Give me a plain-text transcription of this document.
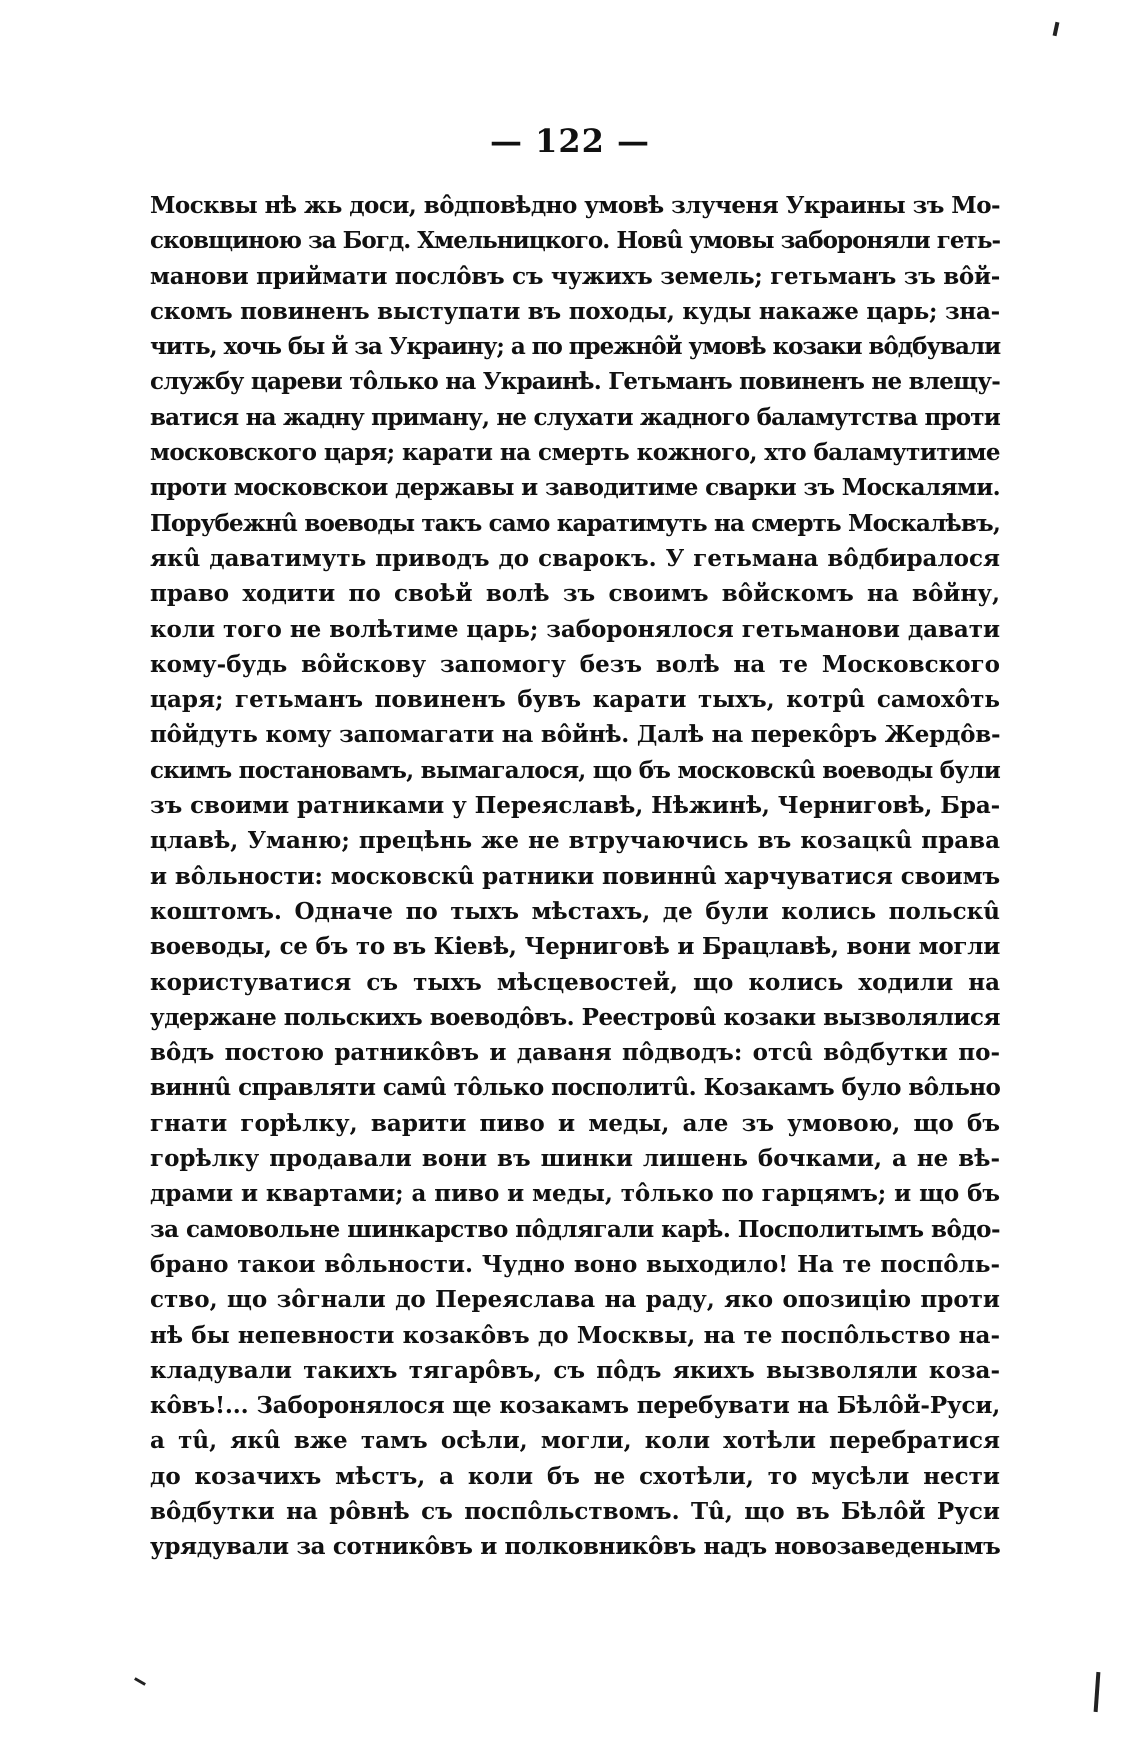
— 122 —
Москвы нѣ жь доси, вôдповѣдно умовѣ злученя Украины зъ Мо-
сковщиною за Богд. Хмельницкого. Новû умовы забороняли геть-
манови приймати послôвъ съ чужихъ земель; гетьманъ зъ вôй-
скомъ повиненъ выступати въ походы, куды накаже царь; зна-
чить, хочь бы й за Украину; а по прежнôй умовѣ козаки вôдбували
службу цареви тôлько на Украинѣ. Гетьманъ повиненъ не влещу-
ватися на жадну приману, не слухати жадного баламутства проти
московского царя; карати на смерть кожного, хто баламутитиме
проти московскои державы и заводитиме сварки зъ Москалями.
Порубежнû воеводы такъ само каратимуть на смерть Москалѣвъ,
якû даватимуть приводъ до сварокъ. У гетьмана вôдбиралося
право ходити по своѣй волѣ зъ своимъ вôйскомъ на вôйну,
коли того не волѣтиме царь; заборонялося гетьманови давати
кому-будь вôйскову запомогу безъ волѣ на те Московского
царя; гетьманъ повиненъ бувъ карати тыхъ, котрû самохôть
пôйдуть кому запомагати на вôйнѣ. Далѣ на перекôръ Жердôв-
скимъ постановамъ, вымагалося, що бъ московскû воеводы були
зъ своими ратниками у Переяславѣ, Нѣжинѣ, Черниговѣ, Бра-
цлавѣ, Уманю; прецѣнь же не втручаючись въ козацкû права
и вôльности: московскû ратники повиннû харчуватися своимъ
коштомъ. Одначе по тыхъ мѣстахъ, де були колись польскû
воеводы, се бъ то въ Кіевѣ, Черниговѣ и Брацлавѣ, вони могли
користуватися съ тыхъ мѣсцевостей, що колись ходили на
удержане польскихъ воеводôвъ. Реестровû козаки вызволялися
вôдъ постою ратникôвъ и даваня пôдводъ: отсû вôдбутки по-
виннû справляти самû тôлько посполитû. Козакамъ було вôльно
гнати горѣлку, варити пиво и меды, але зъ умовою, що бъ
горѣлку продавали вони въ шинки лишень бочками, а не вѣ-
драми и квартами; а пиво и меды, тôлько по гарцямъ; и що бъ
за самовольне шинкарство пôдлягали карѣ. Посполитымъ вôдо-
брано такои вôльности. Чудно воно выходило! На те поспôль-
ство, що зôгнали до Переяслава на раду, яко опозицію проти
нѣ бы непевности козакôвъ до Москвы, на те поспôльство на-
кладували такихъ тягарôвъ, съ пôдъ якихъ вызволяли коза-
кôвъ!... Заборонялося ще козакамъ перебувати на Бѣлôй-Руси,
а тû, якû вже тамъ осѣли, могли, коли хотѣли перебратися
до козачихъ мѣстъ, а коли бъ не схотѣли, то мусѣли нести
вôдбутки на рôвнѣ съ поспôльствомъ. Тû, що въ Бѣлôй Руси
урядували за сотникôвъ и полковникôвъ надъ новозаведенымъ
